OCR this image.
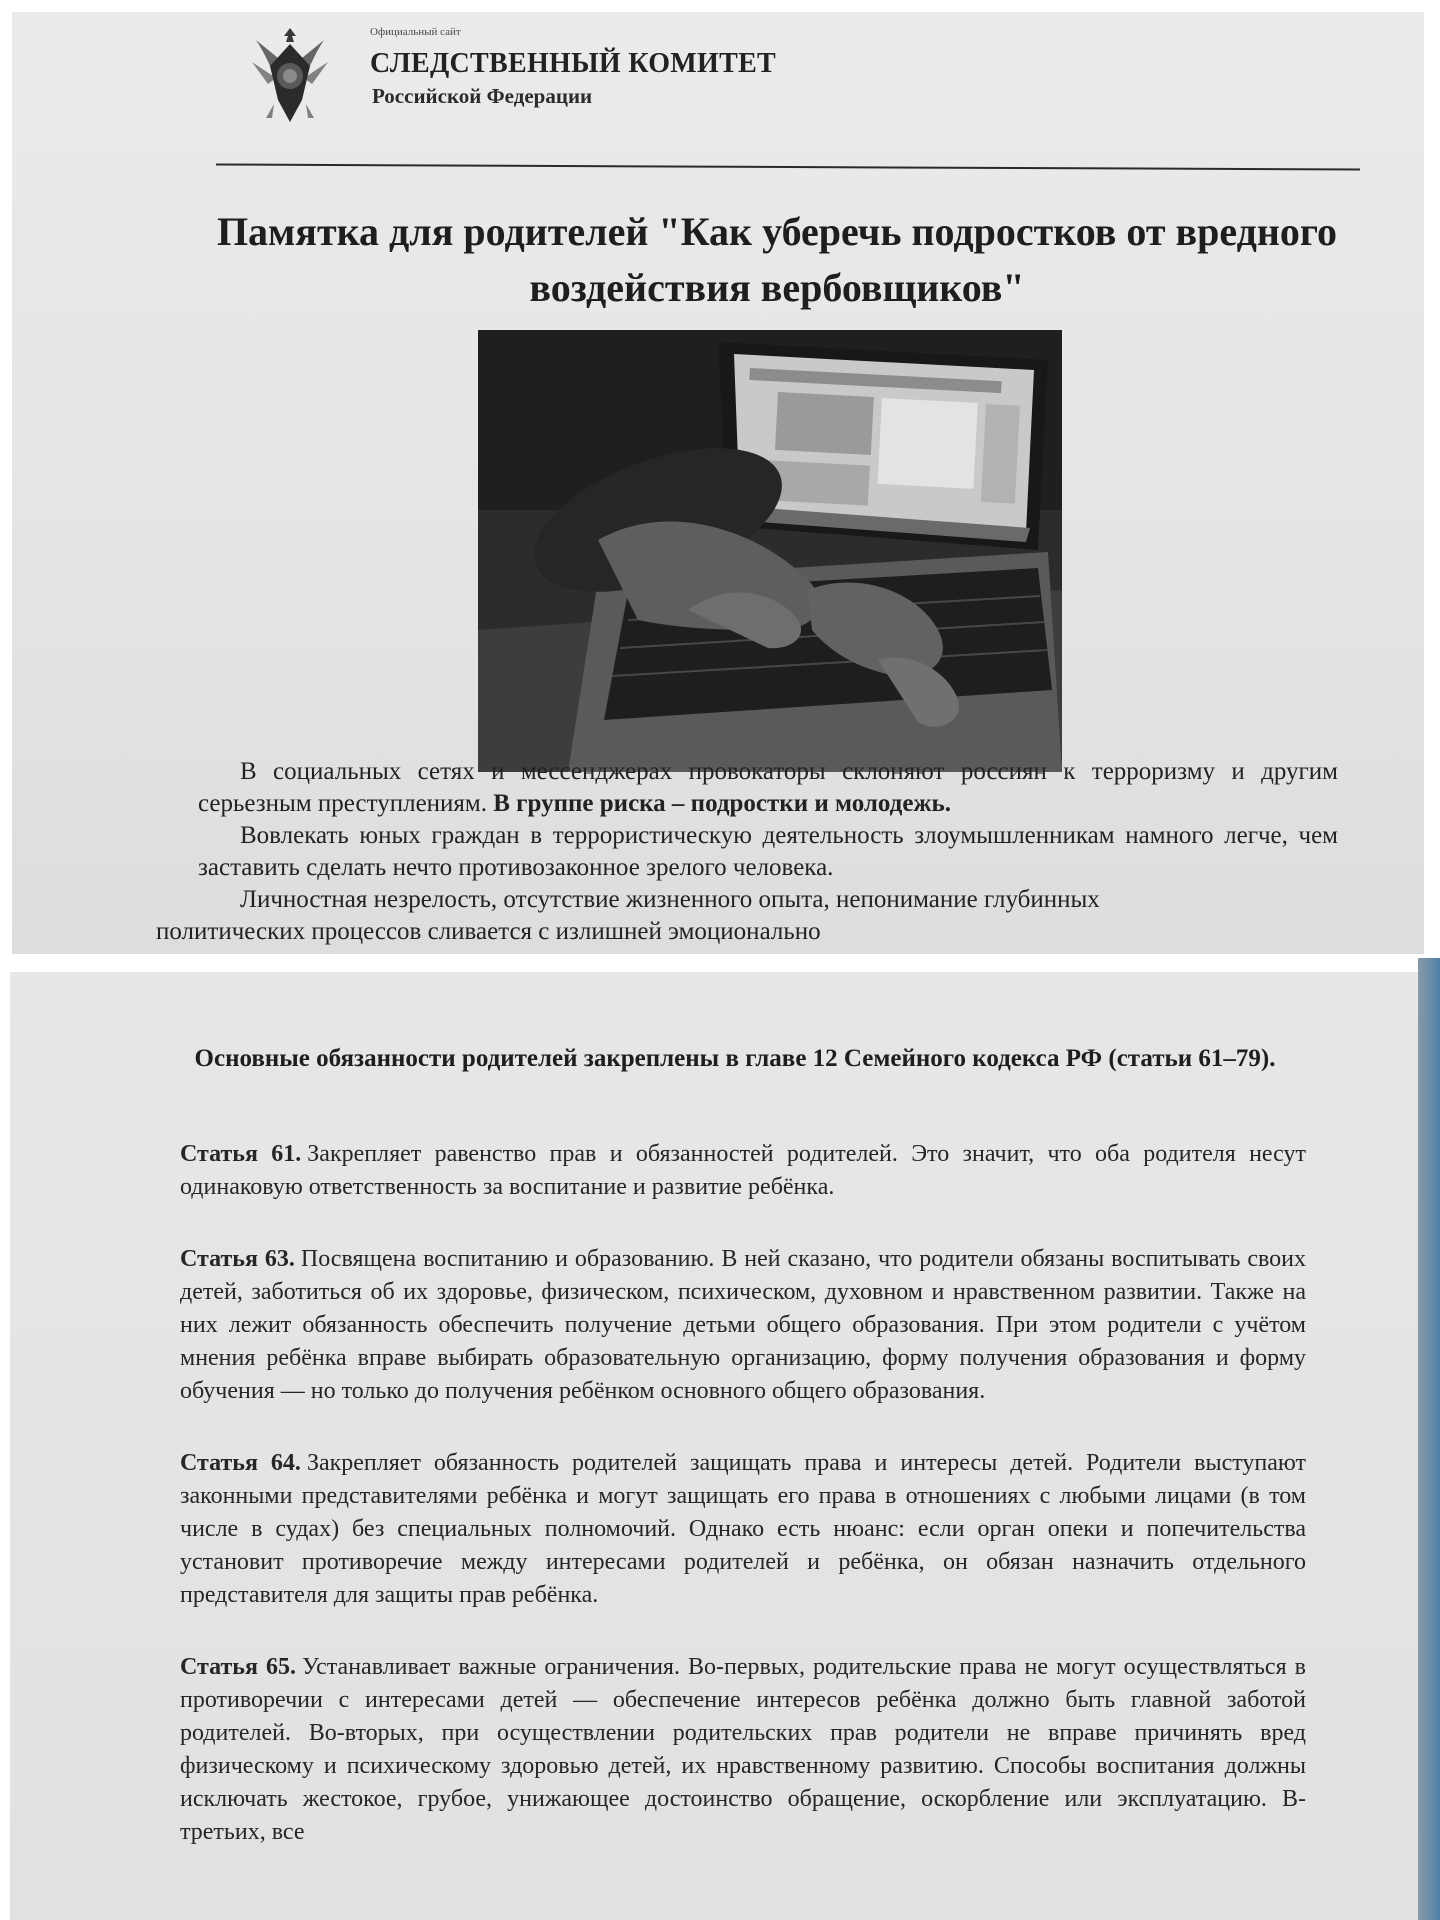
Официальный сайт
СЛЕДСТВЕННЫЙ КОМИТЕТ
Российской Федерации
Памятка для родителей "Как уберечь подростков от вредного воздействия вербовщиков"

В социальных сетях и мессенджерах провокаторы склоняют россиян к терроризму и другим серьезным преступлениям. В группе риска – подростки и молодежь.

Вовлекать юных граждан в террористическую деятельность злоумышленникам намного легче, чем заставить сделать нечто противозаконное зрелого человека.

Личностная незрелость, отсутствие жизненного опыта, непонимание глубинных
политических процессов сливается с излишней эмоционально

Основные обязанности родителей закреплены в главе 12 Семейного кодекса РФ (статьи 61–79).

Статья 61. Закрепляет равенство прав и обязанностей родителей. Это значит, что оба родителя несут одинаковую ответственность за воспитание и развитие ребёнка.

Статья 63. Посвящена воспитанию и образованию. В ней сказано, что родители обязаны воспитывать своих детей, заботиться об их здоровье, физическом, психическом, духовном и нравственном развитии. Также на них лежит обязанность обеспечить получение детьми общего образования. При этом родители с учётом мнения ребёнка вправе выбирать образовательную организацию, форму получения образования и форму обучения — но только до получения ребёнком основного общего образования.

Статья 64. Закрепляет обязанность родителей защищать права и интересы детей. Родители выступают законными представителями ребёнка и могут защищать его права в отношениях с любыми лицами (в том числе в судах) без специальных полномочий. Однако есть нюанс: если орган опеки и попечительства установит противоречие между интересами родителей и ребёнка, он обязан назначить отдельного представителя для защиты прав ребёнка.

Статья 65. Устанавливает важные ограничения. Во-первых, родительские права не могут осуществляться в противоречии с интересами детей — обеспечение интересов ребёнка должно быть главной заботой родителей. Во-вторых, при осуществлении родительских прав родители не вправе причинять вред физическому и психическому здоровью детей, их нравственному развитию. Способы воспитания должны исключать жестокое, грубое, унижающее достоинство обращение, оскорбление или эксплуатацию. В-третьих, все
